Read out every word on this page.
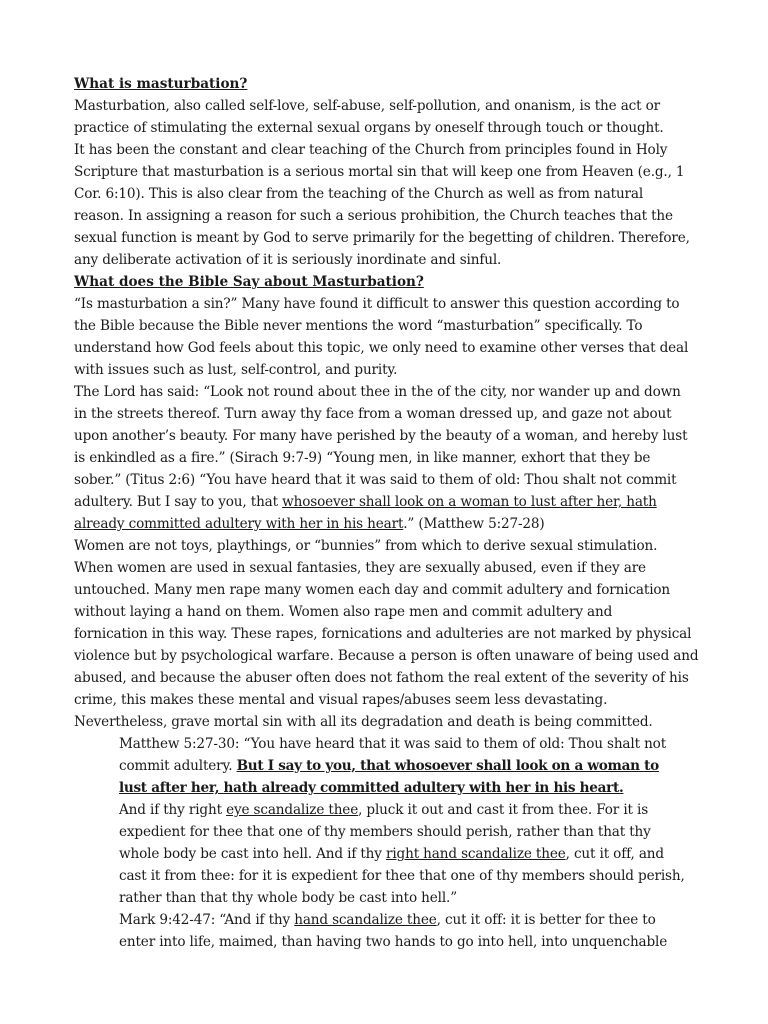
What is masturbation?
Masturbation, also called self-love, self-abuse, self-pollution, and onanism, is the act or
practice of stimulating the external sexual organs by oneself through touch or thought.
It has been the constant and clear teaching of the Church from principles found in Holy
Scripture that masturbation is a serious mortal sin that will keep one from Heaven (e.g., 1
Cor. 6:10). This is also clear from the teaching of the Church as well as from natural
reason. In assigning a reason for such a serious prohibition, the Church teaches that the
sexual function is meant by God to serve primarily for the begetting of children. Therefore,
any deliberate activation of it is seriously inordinate and sinful.
What does the Bible Say about Masturbation?
“Is masturbation a sin?” Many have found it difficult to answer this question according to
the Bible because the Bible never mentions the word “masturbation” specifically. To
understand how God feels about this topic, we only need to examine other verses that deal
with issues such as lust, self-control, and purity.
The Lord has said: “Look not round about thee in the of the city, nor wander up and down
in the streets thereof. Turn away thy face from a woman dressed up, and gaze not about
upon another’s beauty. For many have perished by the beauty of a woman, and hereby lust
is enkindled as a fire.” (Sirach 9:7-9) “Young men, in like manner, exhort that they be
sober.” (Titus 2:6) “You have heard that it was said to them of old: Thou shalt not commit
adultery. But I say to you, that whosoever shall look on a woman to lust after her, hath
already committed adultery with her in his heart.” (Matthew 5:27-28)
Women are not toys, playthings, or “bunnies” from which to derive sexual stimulation.
When women are used in sexual fantasies, they are sexually abused, even if they are
untouched. Many men rape many women each day and commit adultery and fornication
without laying a hand on them. Women also rape men and commit adultery and
fornication in this way. These rapes, fornications and adulteries are not marked by physical
violence but by psychological warfare. Because a person is often unaware of being used and
abused, and because the abuser often does not fathom the real extent of the severity of his
crime, this makes these mental and visual rapes/abuses seem less devastating.
Nevertheless, grave mortal sin with all its degradation and death is being committed.
Matthew 5:27-30: “You have heard that it was said to them of old: Thou shalt not
commit adultery. But I say to you, that whosoever shall look on a woman to
lust after her, hath already committed adultery with her in his heart.
And if thy right eye scandalize thee, pluck it out and cast it from thee. For it is
expedient for thee that one of thy members should perish, rather than that thy
whole body be cast into hell. And if thy right hand scandalize thee, cut it off, and
cast it from thee: for it is expedient for thee that one of thy members should perish,
rather than that thy whole body be cast into hell.”
Mark 9:42-47: “And if thy hand scandalize thee, cut it off: it is better for thee to
enter into life, maimed, than having two hands to go into hell, into unquenchable
